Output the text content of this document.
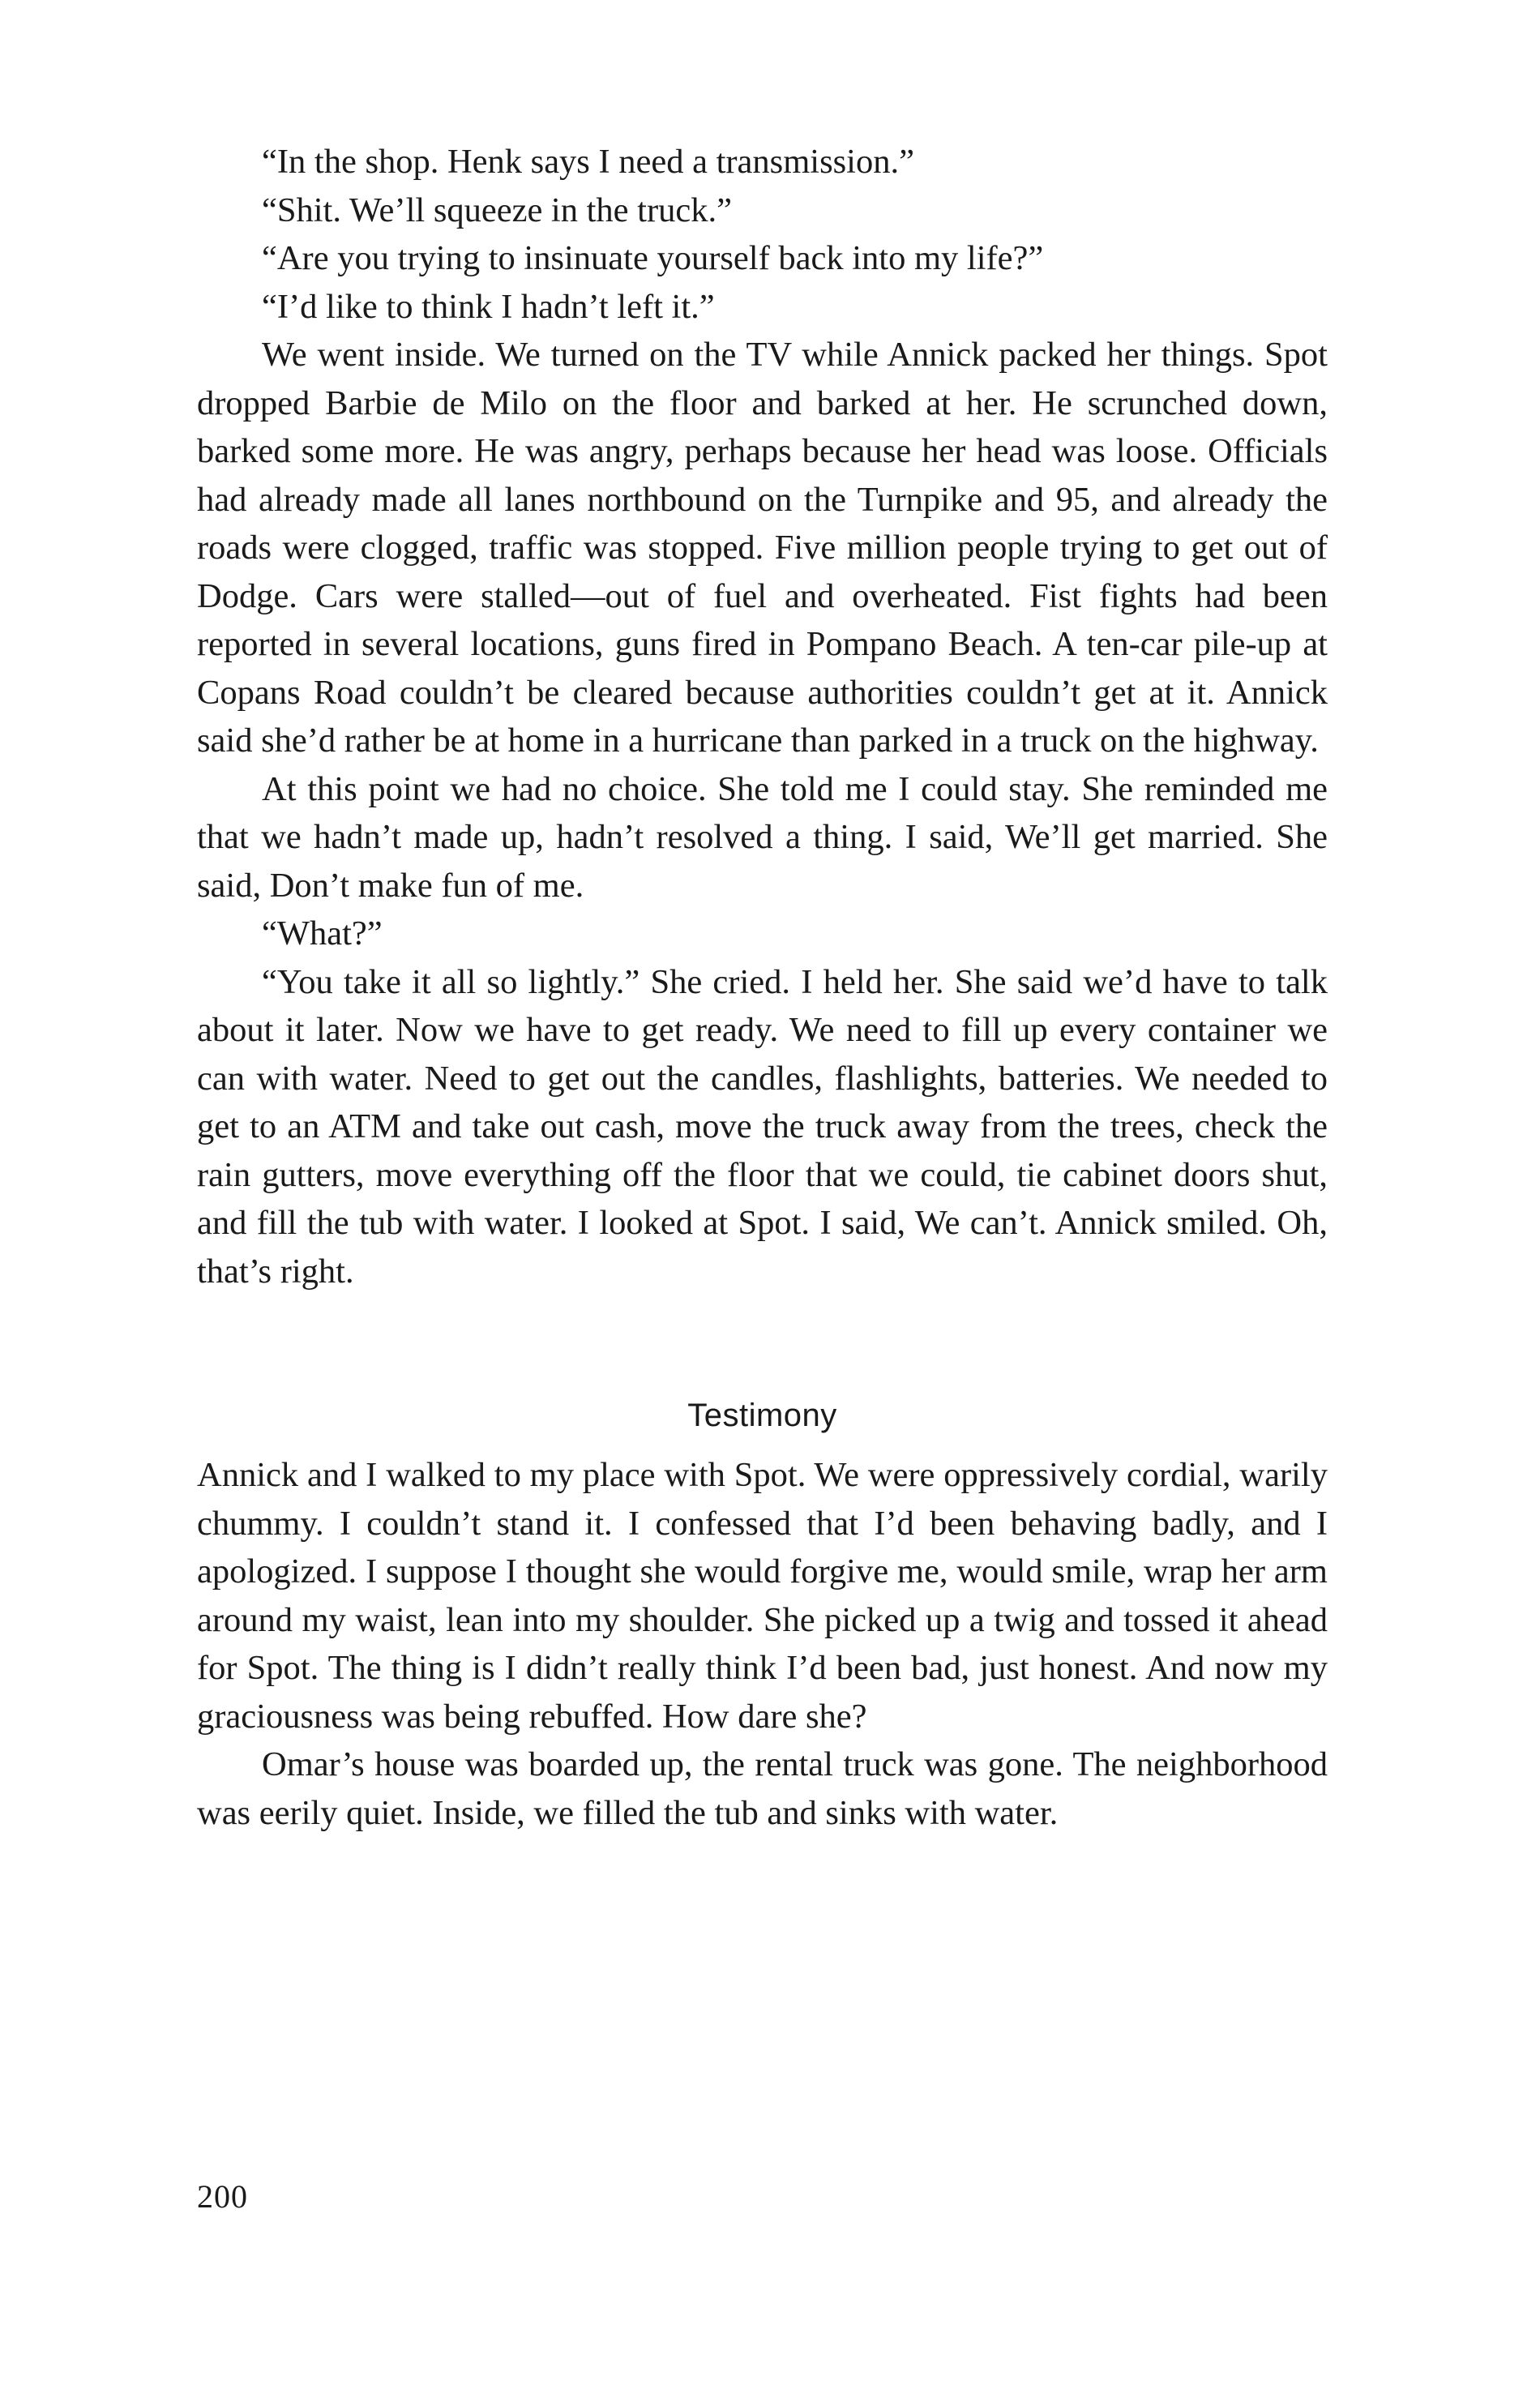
“In the shop. Henk says I need a transmission.”

“Shit. We’ll squeeze in the truck.”

“Are you trying to insinuate yourself back into my life?”

“I’d like to think I hadn’t left it.”

We went inside. We turned on the TV while Annick packed her things. Spot dropped Barbie de Milo on the floor and barked at her. He scrunched down, barked some more. He was angry, perhaps because her head was loose. Officials had already made all lanes northbound on the Turnpike and 95, and already the roads were clogged, traffic was stopped. Five million people trying to get out of Dodge. Cars were stalled—out of fuel and overheated. Fist fights had been reported in several locations, guns fired in Pompano Beach. A ten-car pile-up at Copans Road couldn’t be cleared because authorities couldn’t get at it. Annick said she’d rather be at home in a hurricane than parked in a truck on the highway.

At this point we had no choice. She told me I could stay. She reminded me that we hadn’t made up, hadn’t resolved a thing. I said, We’ll get married. She said, Don’t make fun of me.

“What?”

“You take it all so lightly.” She cried. I held her. She said we’d have to talk about it later. Now we have to get ready. We need to fill up every container we can with water. Need to get out the candles, flashlights, batteries. We needed to get to an ATM and take out cash, move the truck away from the trees, check the rain gutters, move everything off the floor that we could, tie cabinet doors shut, and fill the tub with water. I looked at Spot. I said, We can’t. Annick smiled. Oh, that’s right.

Testimony

Annick and I walked to my place with Spot. We were oppressively cordial, warily chummy. I couldn’t stand it. I confessed that I’d been behaving badly, and I apologized. I suppose I thought she would forgive me, would smile, wrap her arm around my waist, lean into my shoulder. She picked up a twig and tossed it ahead for Spot. The thing is I didn’t really think I’d been bad, just honest. And now my graciousness was being rebuffed. How dare she?

Omar’s house was boarded up, the rental truck was gone. The neighborhood was eerily quiet. Inside, we filled the tub and sinks with water.

200
